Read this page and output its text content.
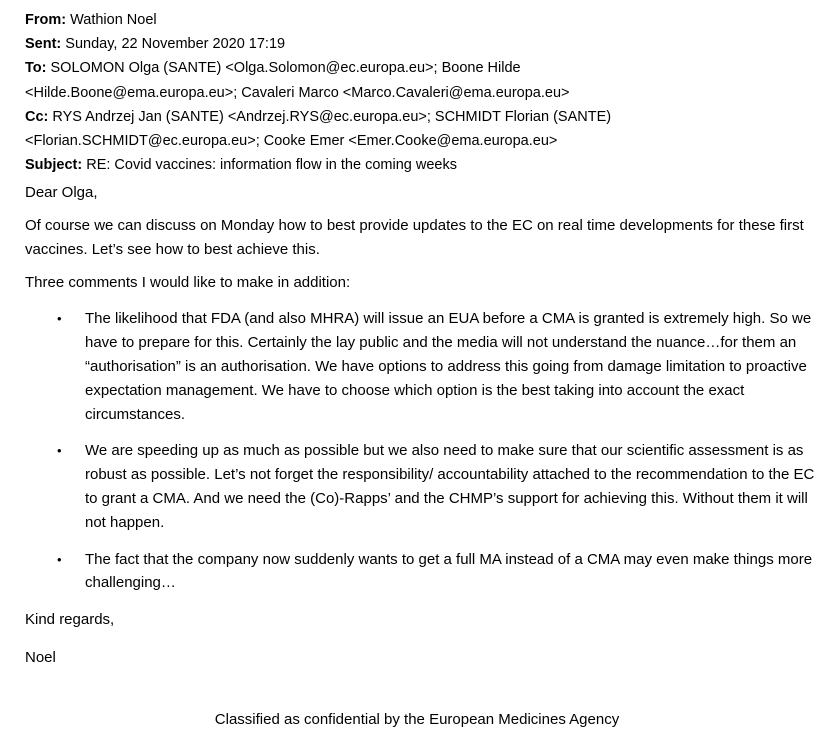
From: Wathion Noel
Sent: Sunday, 22 November 2020 17:19
To: SOLOMON Olga (SANTE) <Olga.Solomon@ec.europa.eu>; Boone Hilde
<Hilde.Boone@ema.europa.eu>; Cavaleri Marco <Marco.Cavaleri@ema.europa.eu>
Cc: RYS Andrzej Jan (SANTE) <Andrzej.RYS@ec.europa.eu>; SCHMIDT Florian (SANTE)
<Florian.SCHMIDT@ec.europa.eu>; Cooke Emer <Emer.Cooke@ema.europa.eu>
Subject: RE: Covid vaccines: information flow in the coming weeks

Dear Olga,

Of course we can discuss on Monday how to best provide updates to the EC on real time developments for these first vaccines. Let’s see how to best achieve this.

Three comments I would like to make in addition:

• The likelihood that FDA (and also MHRA) will issue an EUA before a CMA is granted is extremely high. So we have to prepare for this. Certainly the lay public and the media will not understand the nuance…for them an “authorisation” is an authorisation. We have options to address this going from damage limitation to proactive expectation management. We have to choose which option is the best taking into account the exact circumstances.
• We are speeding up as much as possible but we also need to make sure that our scientific assessment is as robust as possible. Let’s not forget the responsibility/ accountability attached to the recommendation to the EC to grant a CMA. And we need the (Co)-Rapps’ and the CHMP’s support for achieving this. Without them it will not happen.
• The fact that the company now suddenly wants to get a full MA instead of a CMA may even make things more challenging…

Kind regards,

Noel

Classified as confidential by the European Medicines Agency
